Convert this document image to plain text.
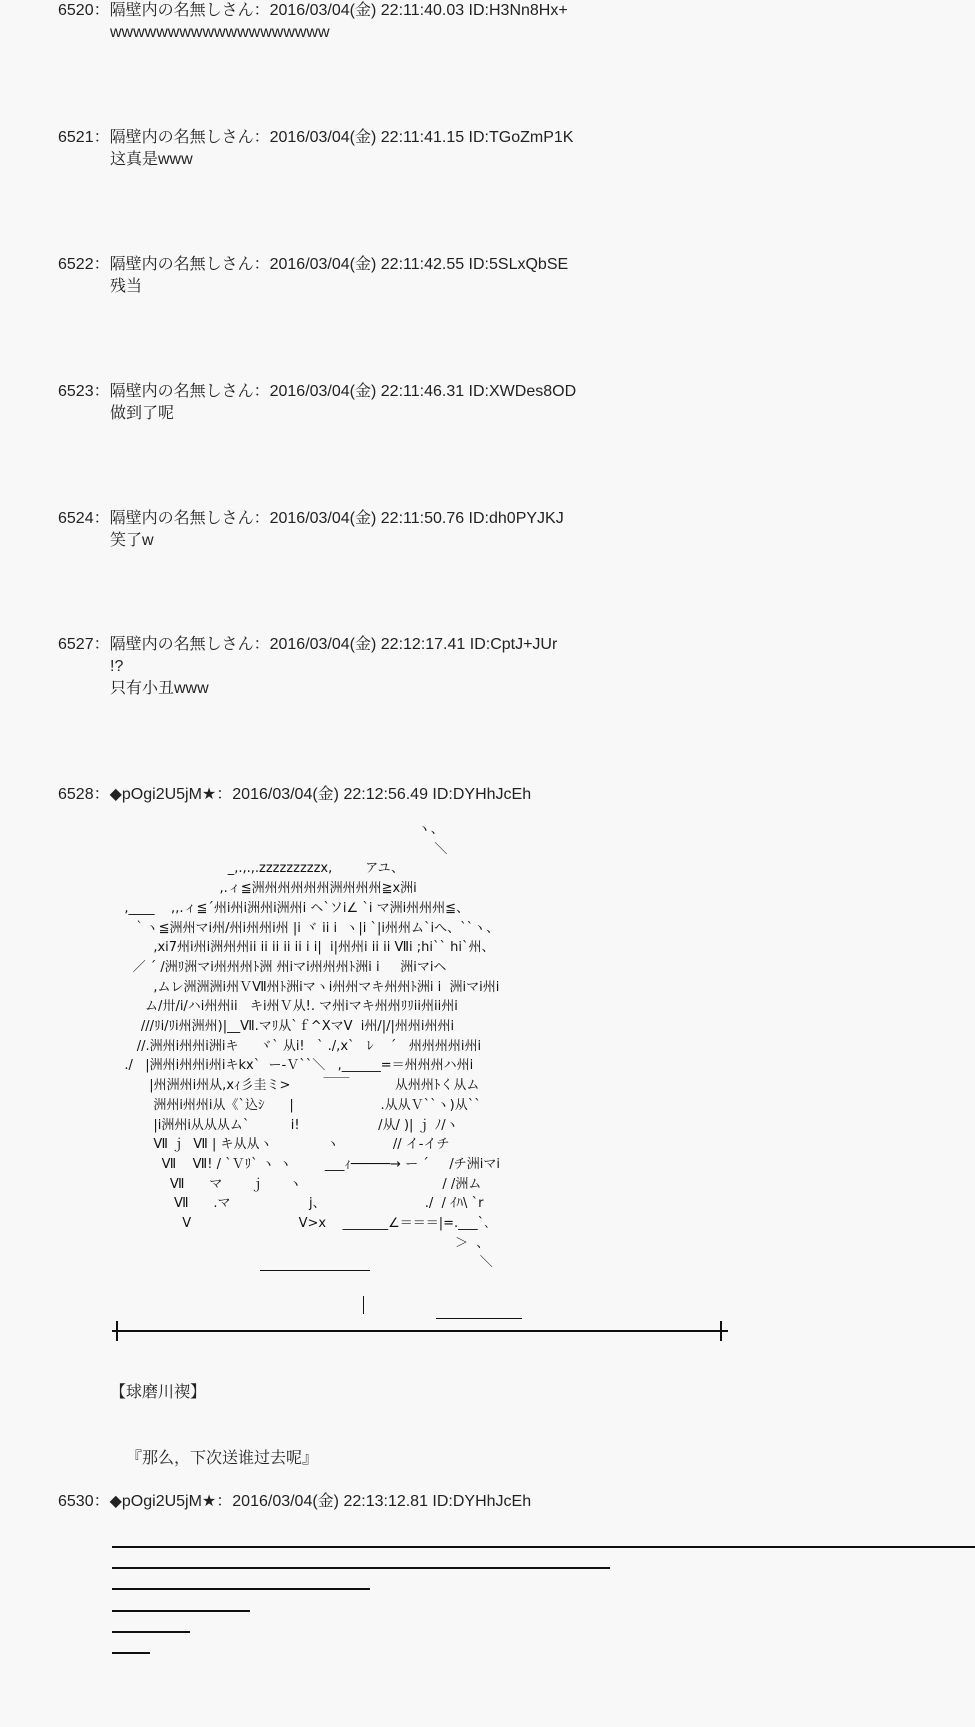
6520：隔壁内の名無しさん：2016/03/04(金) 22:11:40.03 ID:H3Nn8Hx+
wwwwwwwwwwwwwwwwwww
6521：隔壁内の名無しさん：2016/03/04(金) 22:11:41.15 ID:TGoZmP1K
这真是www
6522：隔壁内の名無しさん：2016/03/04(金) 22:11:42.55 ID:5SLxQbSE
残当
6523：隔壁内の名無しさん：2016/03/04(金) 22:11:46.31 ID:XWDes8OD
做到了呢
6524：隔壁内の名無しさん：2016/03/04(金) 22:11:50.76 ID:dh0PYJKJ
笑了w
6527：隔壁内の名無しさん：2016/03/04(金) 22:12:17.41 ID:CptJ+JUr
!?
只有小丑www
6528：◆pOgi2U5jM★：2016/03/04(金) 22:12:56.49 ID:DYHhJcEh
ヽ、
＼
_,.,.,.zzzzzzzzzx,        アユ、
,.ィ≦洲州州州州州洲州州州≧x洲i
,____    ,,.ィ≦´州i州i洲州i洲州i ヘ`ソi∠ `i マ洲i州州州≦、
｀ヽ≦洲州マi州/州i州州i州 |i ヾ ii i  ヽ|i `|i州州ム`iへ、``ヽ、
,xi7州i州i洲州州ii ii ii ii ii i i|  i|州州i ii ii Ⅶi ;hi`` hi`州、
／ ´ /洲ﾘ洲マi州州州ﾄ洲 州iマi州州州ﾄ洲i i     洲iマiヘ
,ムレ洲洲洲i州ＶⅦ州ﾄ洲iマヽi州州マキ州州ﾄ洲i i  洲iマi州i
ム/卅/i/ハi州州ii   キi州Ｖ从!. マ州iマキ州州ﾘﾘii州ii州i
///ﾘi/ﾘi州洲州)|__Ⅶ.マﾘ从`ｆ^XマV  i州/|/|州州i州州i
//.洲州i州州i洲iキ     ヾ` 从i!   ` ./,x`   ﾚ    ´   州州州州i州i
./   |洲州i州州i州iキkx`  ー-Ｖ``＼   ,______=＝州州州ハ州i
|州洲州i州从,xｨ彡圭ミ>        ￣￣           从州州ﾄく从ム
洲州i州州i从《`込ｼ      |                     .从从Ｖ``ヽ)从``
|i洲州i从从从ム`          i!                   /从/ )| ｊ ﾉ/ヽ
Ⅶ ｊ  Ⅶ | キ从从ヽ             ヽ             // イ-イチ
Ⅶ    Ⅶ! / `Ｖﾘ` ヽ ヽ        ___ｨ─────→ ー ´     /チ洲iマi
Ⅶ      マ       ｊ      ヽ                                  / /洲ム
Ⅶ      .マ                   j、                        ./  / ｲﾊ\ `r
V                          V>x    _______∠＝＝＝|=.___`､
＞  、
＼

【球磨川禊】

『那么，下次送谁过去呢』

6530：◆pOgi2U5jM★：2016/03/04(金) 22:13:12.81 ID:DYHhJcEh
